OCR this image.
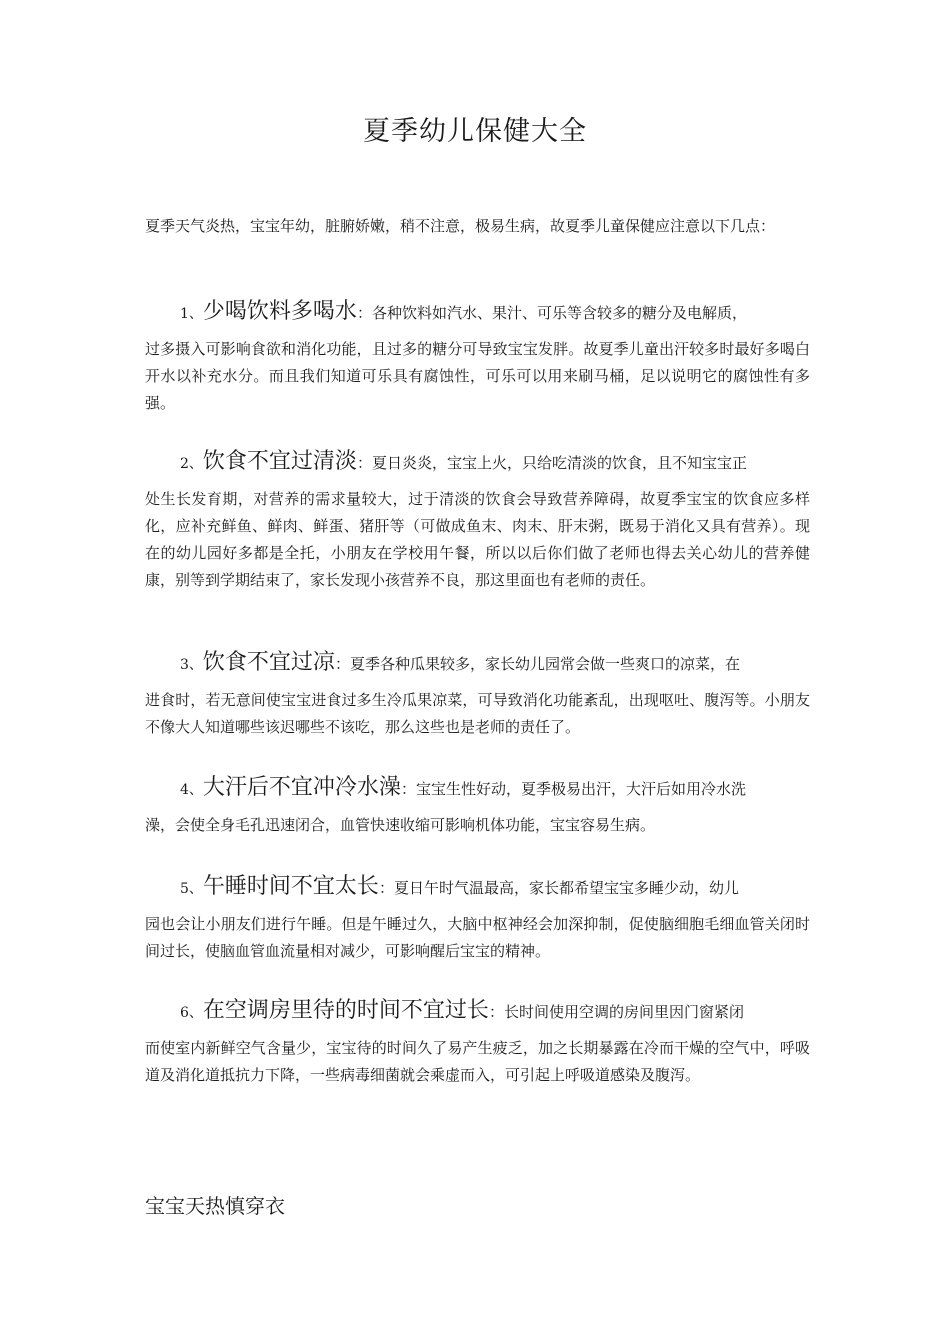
夏季幼儿保健大全
夏季天气炎热，宝宝年幼，脏腑娇嫩，稍不注意，极易生病，故夏季儿童保健应注意以下几点：
1、少喝饮料多喝水：各种饮料如汽水、果汁、可乐等含较多的糖分及电解质，
过多摄入可影响食欲和消化功能，且过多的糖分可导致宝宝发胖。故夏季儿童出汗较多时最好多喝白开水以补充水分。而且我们知道可乐具有腐蚀性，可乐可以用来刷马桶，足以说明它的腐蚀性有多强。
2、饮食不宜过清淡：夏日炎炎，宝宝上火，只给吃清淡的饮食，且不知宝宝正
处生长发育期，对营养的需求量较大，过于清淡的饮食会导致营养障碍，故夏季宝宝的饮食应多样化，应补充鲜鱼、鲜肉、鲜蛋、猪肝等（可做成鱼末、肉末、肝末粥，既易于消化又具有营养）。现在的幼儿园好多都是全托，小朋友在学校用午餐，所以以后你们做了老师也得去关心幼儿的营养健康，别等到学期结束了，家长发现小孩营养不良，那这里面也有老师的责任。
3、饮食不宜过凉：夏季各种瓜果较多，家长幼儿园常会做一些爽口的凉菜，在
进食时，若无意间使宝宝进食过多生冷瓜果凉菜，可导致消化功能紊乱，出现呕吐、腹泻等。小朋友不像大人知道哪些该迟哪些不该吃，那么这些也是老师的责任了。
4、大汗后不宜冲冷水澡：宝宝生性好动，夏季极易出汗，大汗后如用冷水洗
澡，会使全身毛孔迅速闭合，血管快速收缩可影响机体功能，宝宝容易生病。
5、午睡时间不宜太长：夏日午时气温最高，家长都希望宝宝多睡少动，幼儿
园也会让小朋友们进行午睡。但是午睡过久，大脑中枢神经会加深抑制，促使脑细胞毛细血管关闭时间过长，使脑血管血流量相对减少，可影响醒后宝宝的精神。
6、在空调房里待的时间不宜过长：长时间使用空调的房间里因门窗紧闭
而使室内新鲜空气含量少，宝宝待的时间久了易产生疲乏，加之长期暴露在冷而干燥的空气中，呼吸道及消化道抵抗力下降，一些病毒细菌就会乘虚而入，可引起上呼吸道感染及腹泻。
宝宝天热慎穿衣
